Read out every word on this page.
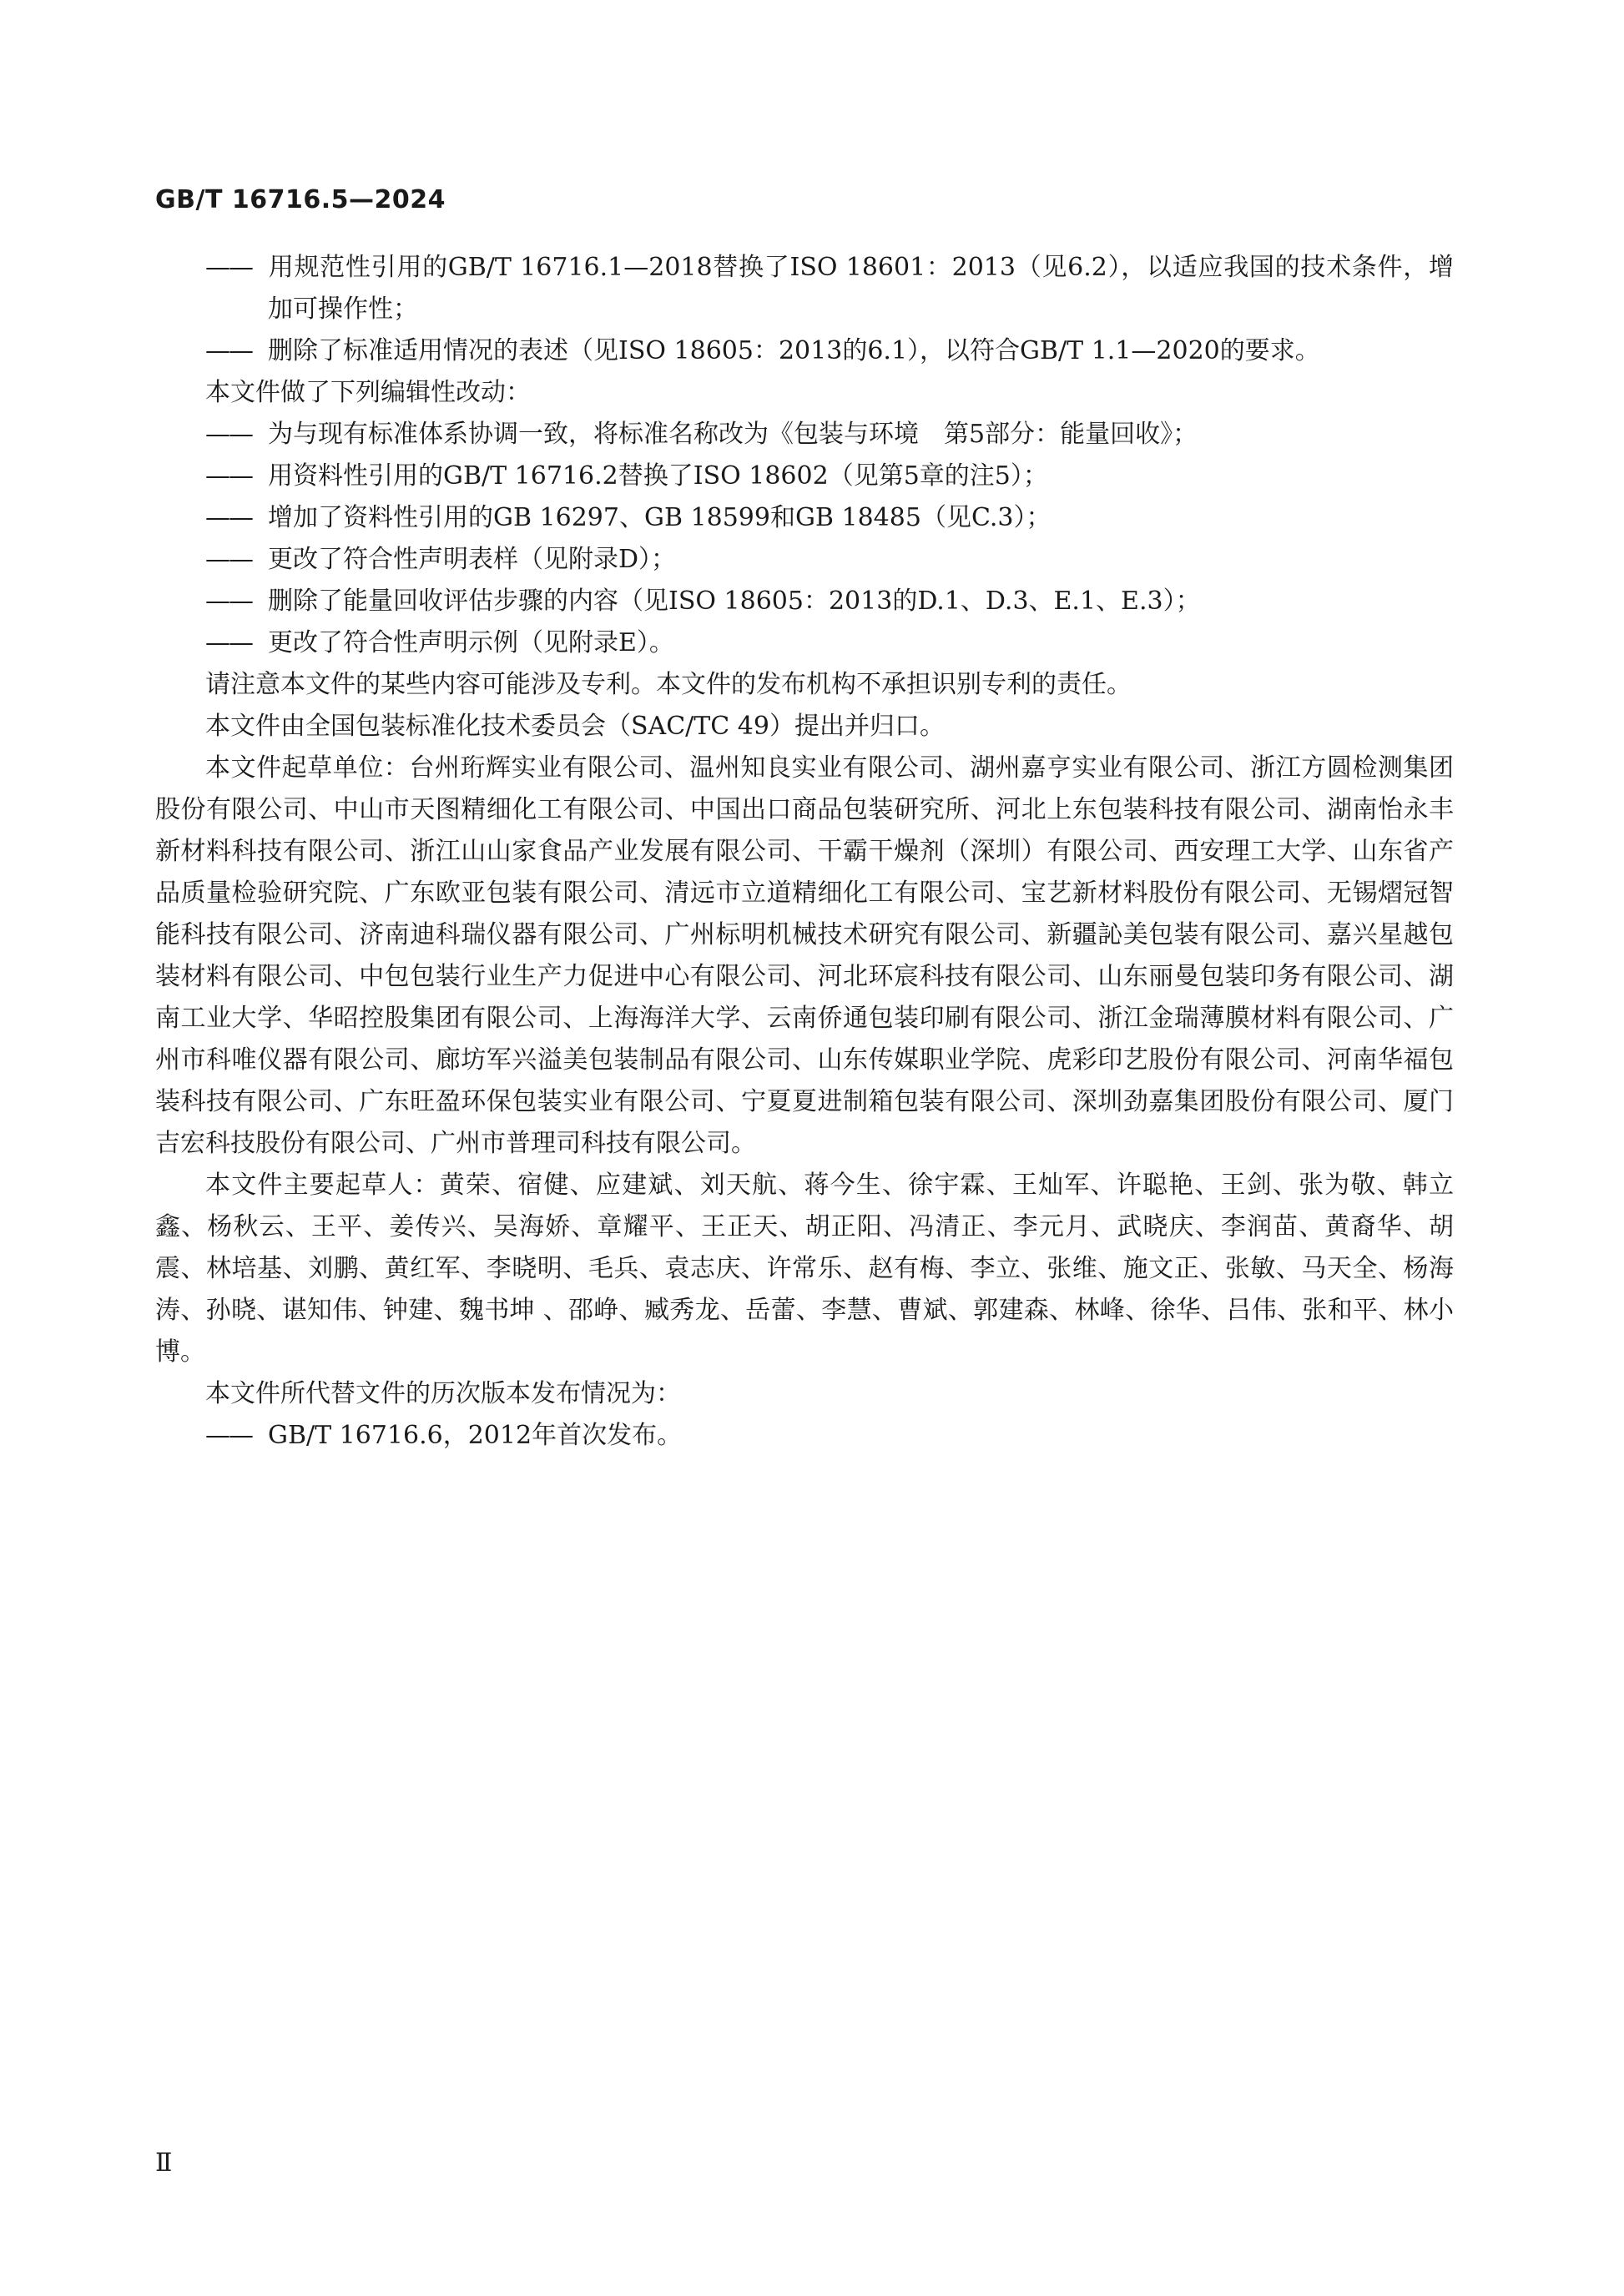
GB/T 16716.5—2024

—— 用规范性引用的GB/T 16716.1—2018替换了ISO 18601：2013（见6.2），以适应我国的技术条件，增加可操作性；

—— 删除了标准适用情况的表述（见ISO 18605：2013的6.1），以符合GB/T 1.1—2020的要求。

本文件做了下列编辑性改动：

—— 为与现有标准体系协调一致，将标准名称改为《包装与环境　第5部分：能量回收》；

—— 用资料性引用的GB/T 16716.2替换了ISO 18602（见第5章的注5）；

—— 增加了资料性引用的GB 16297、GB 18599和GB 18485（见C.3）；

—— 更改了符合性声明表样（见附录D）；

—— 删除了能量回收评估步骤的内容（见ISO 18605：2013的D.1、D.3、E.1、E.3）；

—— 更改了符合性声明示例（见附录E）。

请注意本文件的某些内容可能涉及专利。本文件的发布机构不承担识别专利的责任。

本文件由全国包装标准化技术委员会（SAC/TC 49）提出并归口。

本文件起草单位：台州珩辉实业有限公司、温州知良实业有限公司、湖州嘉亨实业有限公司、浙江方圆检测集团股份有限公司、中山市天图精细化工有限公司、中国出口商品包装研究所、河北上东包装科技有限公司、湖南怡永丰新材料科技有限公司、浙江山山家食品产业发展有限公司、干霸干燥剂（深圳）有限公司、西安理工大学、山东省产品质量检验研究院、广东欧亚包装有限公司、清远市立道精细化工有限公司、宝艺新材料股份有限公司、无锡熠冠智能科技有限公司、济南迪科瑞仪器有限公司、广州标明机械技术研究有限公司、新疆訫美包装有限公司、嘉兴星越包装材料有限公司、中包包装行业生产力促进中心有限公司、河北环宸科技有限公司、山东丽曼包装印务有限公司、湖南工业大学、华昭控股集团有限公司、上海海洋大学、云南侨通包装印刷有限公司、浙江金瑞薄膜材料有限公司、广州市科唯仪器有限公司、廊坊军兴溢美包装制品有限公司、山东传媒职业学院、虎彩印艺股份有限公司、河南华福包装科技有限公司、广东旺盈环保包装实业有限公司、宁夏夏进制箱包装有限公司、深圳劲嘉集团股份有限公司、厦门吉宏科技股份有限公司、广州市普理司科技有限公司。

本文件主要起草人：黄荣、宿健、应建斌、刘天航、蒋今生、徐宇霖、王灿军、许聪艳、王剑、张为敬、韩立鑫、杨秋云、王平、姜传兴、吴海娇、章耀平、王正天、胡正阳、冯清正、李元月、武晓庆、李润苗、黄裔华、胡震、林培基、刘鹏、黄红军、李晓明、毛兵、袁志庆、许常乐、赵有梅、李立、张维、施文正、张敏、马天全、杨海涛、孙晓、谌知伟、钟建、魏书坤 、邵峥、臧秀龙、岳蕾、李慧、曹斌、郭建森、林峰、徐华、吕伟、张和平、林小博。

本文件所代替文件的历次版本发布情况为：

—— GB/T 16716.6，2012年首次发布。

Ⅱ
